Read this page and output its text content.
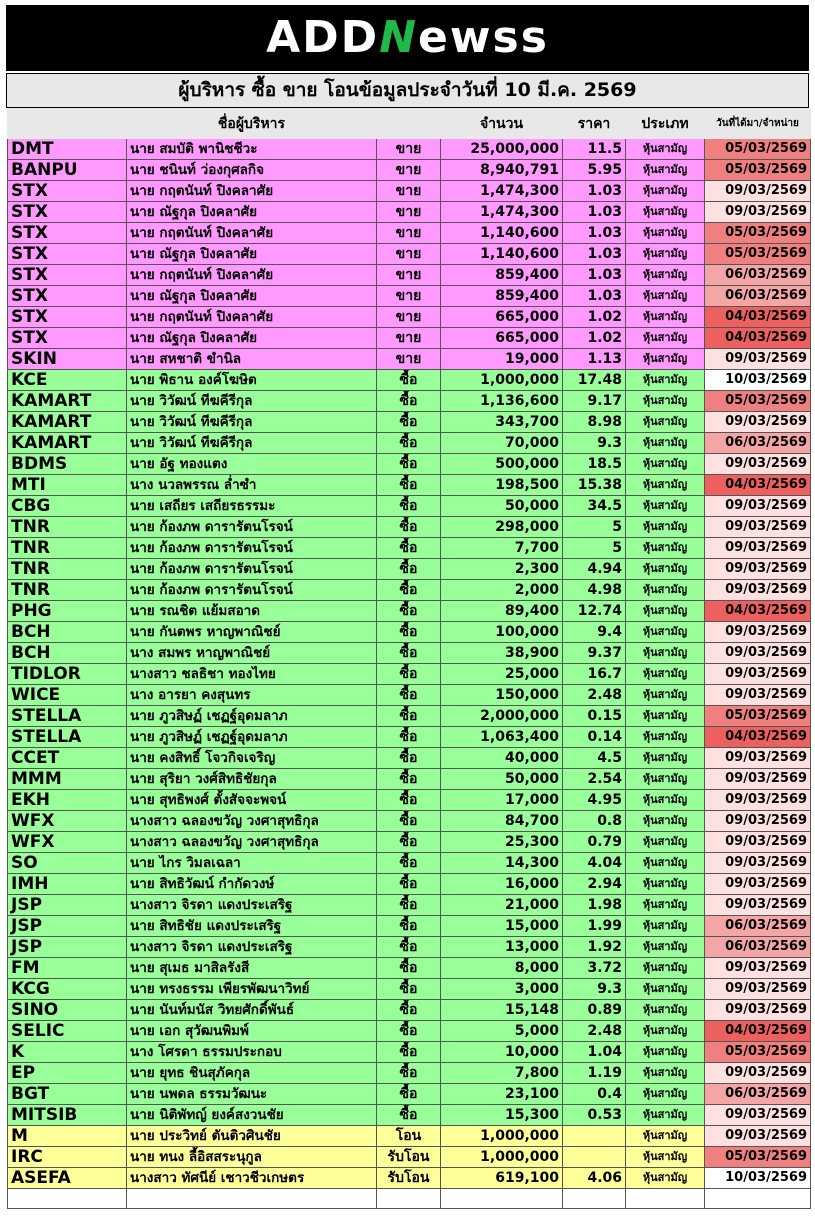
ADDNewss
ผู้บริหาร ซื้อ ขาย โอนข้อมูลประจำวันที่ 10 มี.ค. 2569
	ชื่อผู้บริหาร		จำนวน	ราคา	ประเภท	วันที่ได้มา/จำหน่าย
DMT	นาย สมบัติ พานิชชีวะ	ขาย	25,000,000	11.5	หุ้นสามัญ	05/03/2569
BANPU	นาย ชนินท์ ว่องกุศลกิจ	ขาย	8,940,791	5.95	หุ้นสามัญ	05/03/2569
STX	นาย กฤตนันท์ ปิงคลาศัย	ขาย	1,474,300	1.03	หุ้นสามัญ	09/03/2569
STX	นาย ณัฐกุล ปิงคลาศัย	ขาย	1,474,300	1.03	หุ้นสามัญ	09/03/2569
STX	นาย กฤตนันท์ ปิงคลาศัย	ขาย	1,140,600	1.03	หุ้นสามัญ	05/03/2569
STX	นาย ณัฐกุล ปิงคลาศัย	ขาย	1,140,600	1.03	หุ้นสามัญ	05/03/2569
STX	นาย กฤตนันท์ ปิงคลาศัย	ขาย	859,400	1.03	หุ้นสามัญ	06/03/2569
STX	นาย ณัฐกุล ปิงคลาศัย	ขาย	859,400	1.03	หุ้นสามัญ	06/03/2569
STX	นาย กฤตนันท์ ปิงคลาศัย	ขาย	665,000	1.02	หุ้นสามัญ	04/03/2569
STX	นาย ณัฐกุล ปิงคลาศัย	ขาย	665,000	1.02	หุ้นสามัญ	04/03/2569
SKIN	นาย สหชาติ ขำนิล	ขาย	19,000	1.13	หุ้นสามัญ	09/03/2569
KCE	นาย พิธาน องค์โฆษิต	ซื้อ	1,000,000	17.48	หุ้นสามัญ	10/03/2569
KAMART	นาย วิวัฒน์ ทีฆคีรีกุล	ซื้อ	1,136,600	9.17	หุ้นสามัญ	05/03/2569
KAMART	นาย วิวัฒน์ ทีฆคีรีกุล	ซื้อ	343,700	8.98	หุ้นสามัญ	09/03/2569
KAMART	นาย วิวัฒน์ ทีฆคีรีกุล	ซื้อ	70,000	9.3	หุ้นสามัญ	06/03/2569
BDMS	นาย อัฐ ทองแตง	ซื้อ	500,000	18.5	หุ้นสามัญ	09/03/2569
MTI	นาง นวลพรรณ ล่ำซำ	ซื้อ	198,500	15.38	หุ้นสามัญ	04/03/2569
CBG	นาย เสถียร เสถียรธรรมะ	ซื้อ	50,000	34.5	หุ้นสามัญ	09/03/2569
TNR	นาย ก้องภพ ดารารัตนโรจน์	ซื้อ	298,000	5	หุ้นสามัญ	09/03/2569
TNR	นาย ก้องภพ ดารารัตนโรจน์	ซื้อ	7,700	5	หุ้นสามัญ	09/03/2569
TNR	นาย ก้องภพ ดารารัตนโรจน์	ซื้อ	2,300	4.94	หุ้นสามัญ	09/03/2569
TNR	นาย ก้องภพ ดารารัตนโรจน์	ซื้อ	2,000	4.98	หุ้นสามัญ	09/03/2569
PHG	นาย รณชิต แย้มสอาด	ซื้อ	89,400	12.74	หุ้นสามัญ	04/03/2569
BCH	นาย กันตพร หาญพาณิชย์	ซื้อ	100,000	9.4	หุ้นสามัญ	09/03/2569
BCH	นาง สมพร หาญพาณิชย์	ซื้อ	38,900	9.37	หุ้นสามัญ	09/03/2569
TIDLOR	นางสาว ชลธิชา ทองไทย	ซื้อ	25,000	16.7	หุ้นสามัญ	09/03/2569
WICE	นาง อารยา คงสุนทร	ซื้อ	150,000	2.48	หุ้นสามัญ	09/03/2569
STELLA	นาย ภูวสิษฏ์ เชฏฐ์อุดมลาภ	ซื้อ	2,000,000	0.15	หุ้นสามัญ	05/03/2569
STELLA	นาย ภูวสิษฏ์ เชฏฐ์อุดมลาภ	ซื้อ	1,063,400	0.14	หุ้นสามัญ	04/03/2569
CCET	นาย คงสิทธิ์ โจวกิจเจริญ	ซื้อ	40,000	4.5	หุ้นสามัญ	09/03/2569
MMM	นาย สุริยา วงศ์สิทธิชัยกุล	ซื้อ	50,000	2.54	หุ้นสามัญ	09/03/2569
EKH	นาย สุทธิพงศ์ ตั้งสัจจะพจน์	ซื้อ	17,000	4.95	หุ้นสามัญ	09/03/2569
WFX	นางสาว ฉลองขวัญ วงศาสุทธิกุล	ซื้อ	84,700	0.8	หุ้นสามัญ	09/03/2569
WFX	นางสาว ฉลองขวัญ วงศาสุทธิกุล	ซื้อ	25,300	0.79	หุ้นสามัญ	09/03/2569
SO	นาย ไกร วิมลเฉลา	ซื้อ	14,300	4.04	หุ้นสามัญ	09/03/2569
IMH	นาย สิทธิวัฒน์ กำกัดวงษ์	ซื้อ	16,000	2.94	หุ้นสามัญ	09/03/2569
JSP	นางสาว จิรดา แดงประเสริฐ	ซื้อ	21,000	1.98	หุ้นสามัญ	09/03/2569
JSP	นาย สิทธิชัย แดงประเสริฐ	ซื้อ	15,000	1.99	หุ้นสามัญ	06/03/2569
JSP	นางสาว จิรดา แดงประเสริฐ	ซื้อ	13,000	1.92	หุ้นสามัญ	06/03/2569
FM	นาย สุเมธ มาสิลรังสี	ซื้อ	8,000	3.72	หุ้นสามัญ	09/03/2569
KCG	นาย ทรงธรรม เพียรพัฒนาวิทย์	ซื้อ	3,000	9.3	หุ้นสามัญ	09/03/2569
SINO	นาย นันท์มนัส วิทยศักดิ์พันธ์	ซื้อ	15,148	0.89	หุ้นสามัญ	09/03/2569
SELIC	นาย เอก สุวัฒนพิมพ์	ซื้อ	5,000	2.48	หุ้นสามัญ	04/03/2569
K	นาง โศรดา ธรรมประกอบ	ซื้อ	10,000	1.04	หุ้นสามัญ	05/03/2569
EP	นาย ยุทธ ชินสุภัคกุล	ซื้อ	7,800	1.19	หุ้นสามัญ	09/03/2569
BGT	นาย นพดล ธรรมวัฒนะ	ซื้อ	23,100	0.4	หุ้นสามัญ	06/03/2569
MITSIB	นาย นิติพัทญ์ ยงค์สงวนชัย	ซื้อ	15,300	0.53	หุ้นสามัญ	09/03/2569
M	นาย ประวิทย์ ตันติวศินชัย	โอน	1,000,000		หุ้นสามัญ	09/03/2569
IRC	นาย ทนง ลี้อิสสระนุกูล	รับโอน	1,000,000		หุ้นสามัญ	05/03/2569
ASEFA	นางสาว ทัศนีย์ เชาวชีวเกษตร	รับโอน	619,100	4.06	หุ้นสามัญ	10/03/2569
